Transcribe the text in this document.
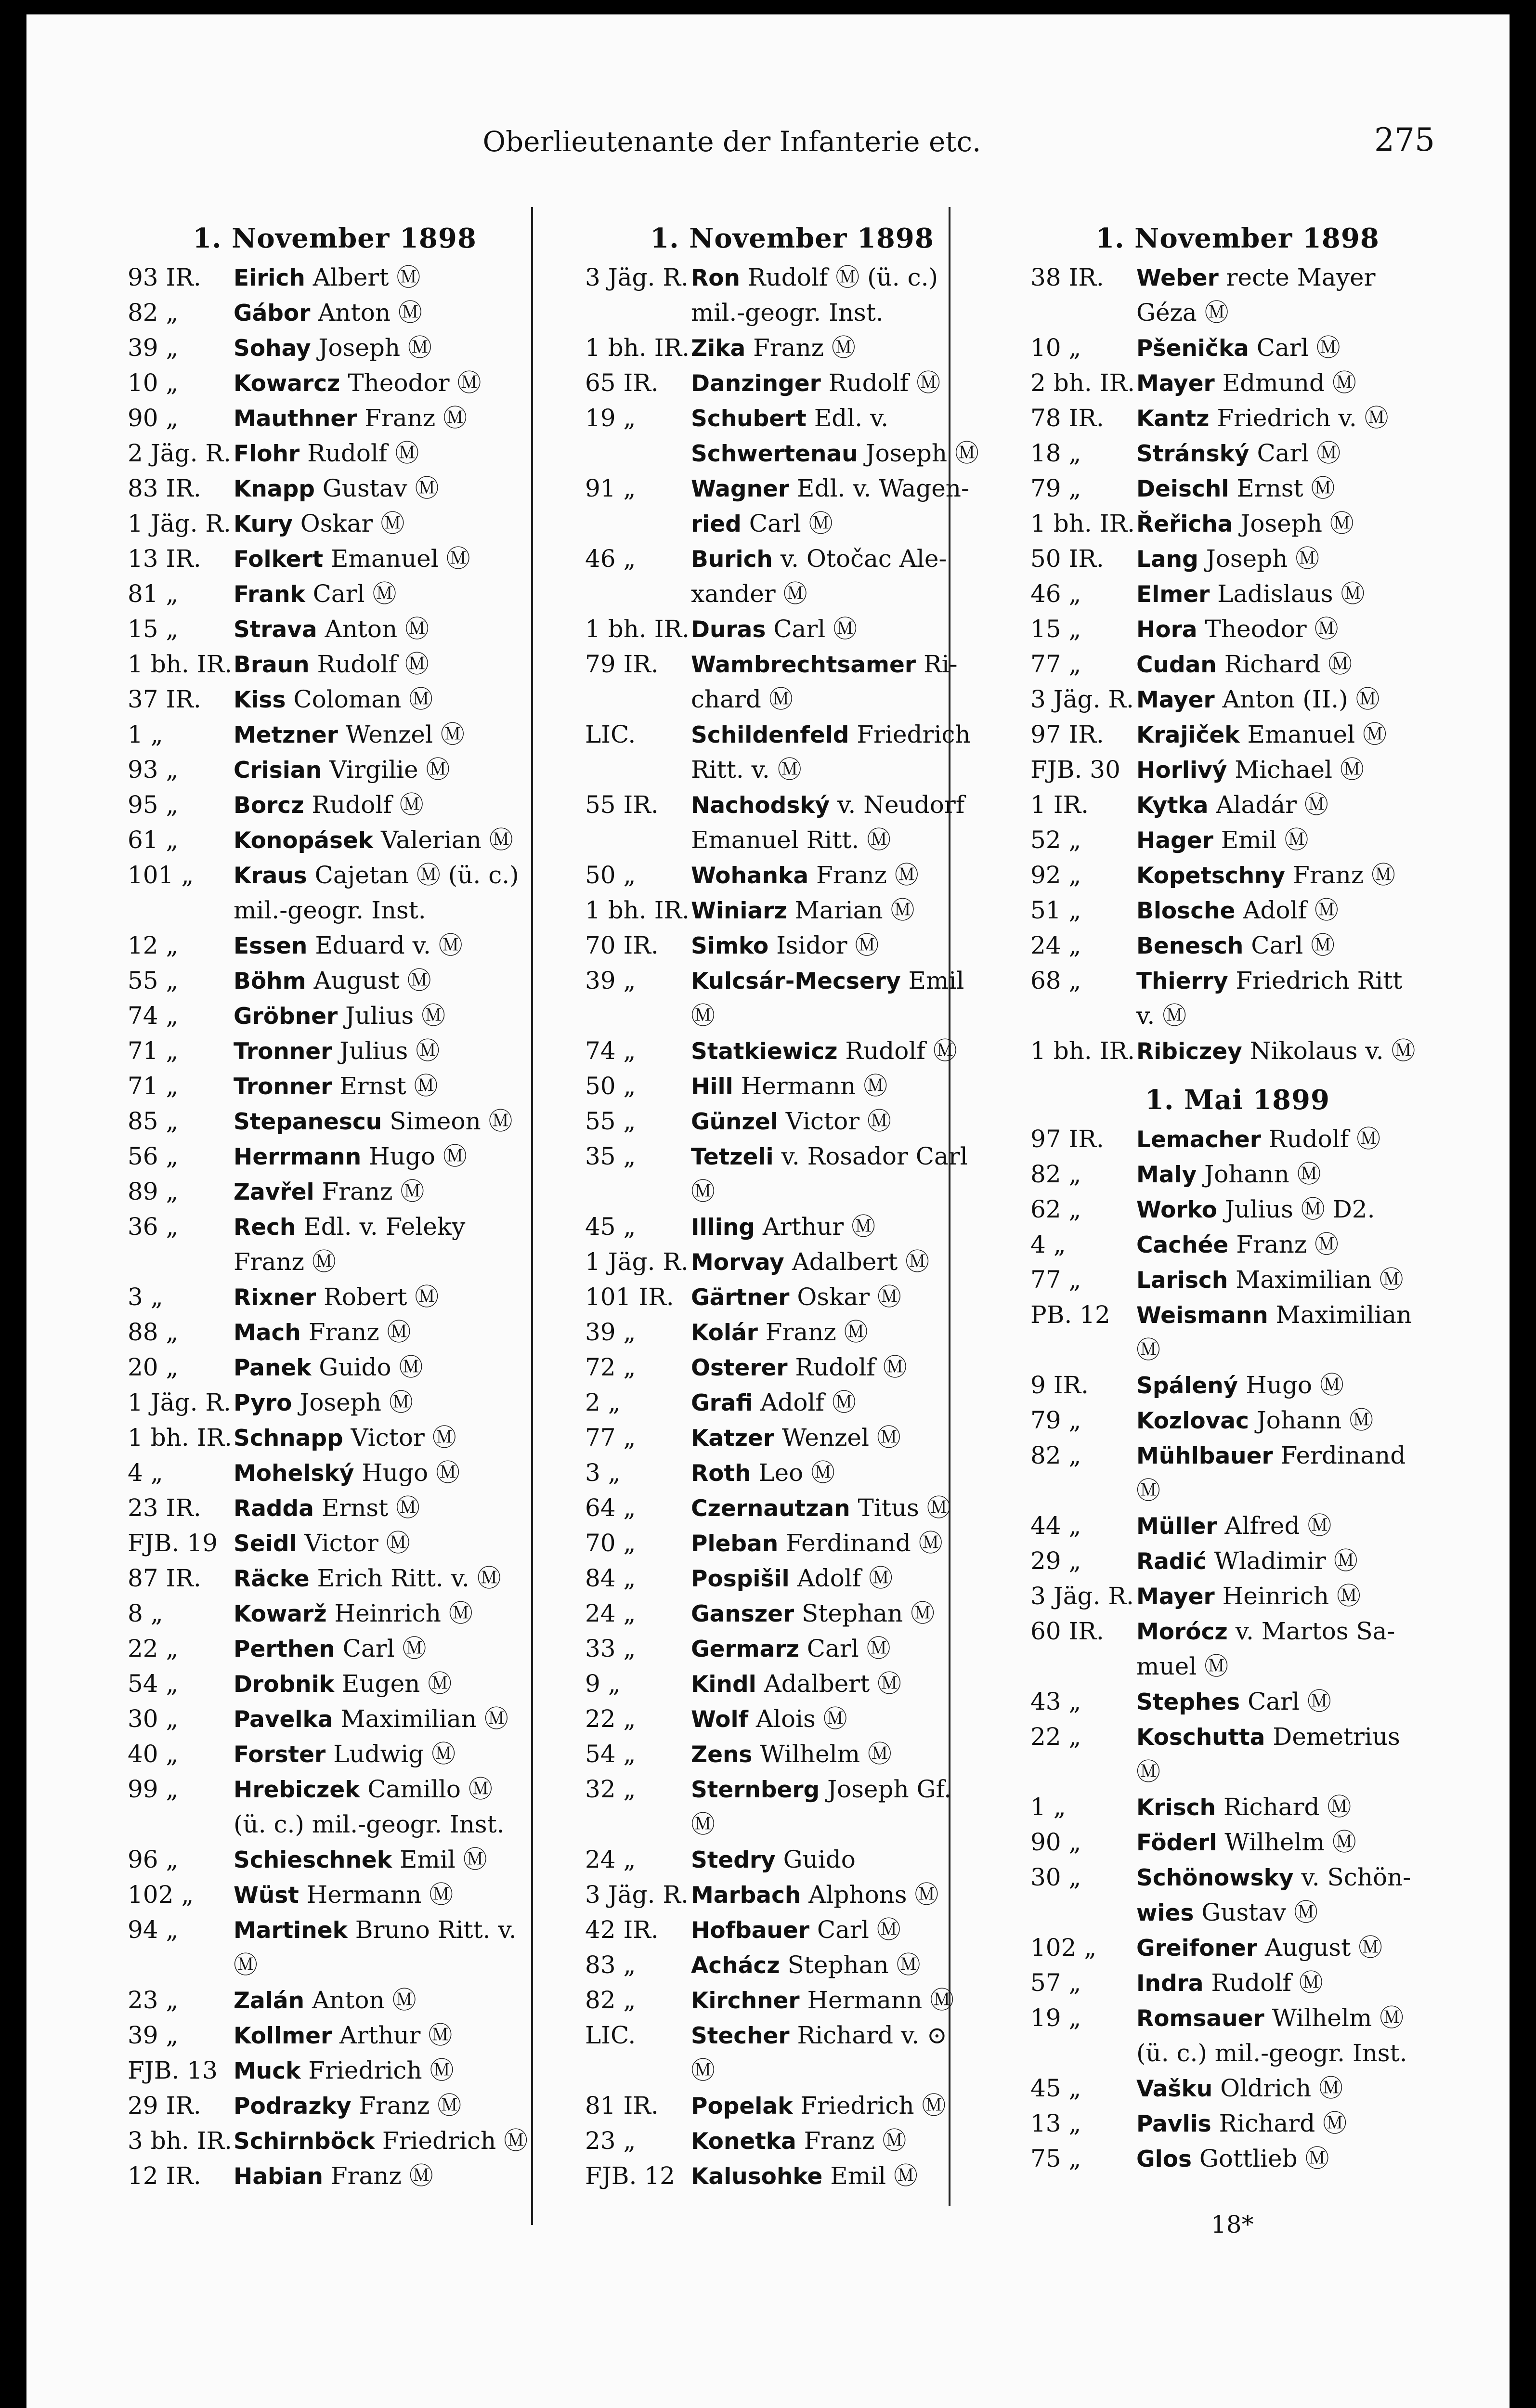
Oberlieutenante der Infanterie etc.	275
1. November 1898
93 IR.	Eirich Albert Ⓜ
82 „	Gábor Anton Ⓜ
39 „	Sohay Joseph Ⓜ
10 „	Kowarcz Theodor Ⓜ
90 „	Mauthner Franz Ⓜ
2 Jäg. R. Flohr Rudolf Ⓜ
83 IR.	Knapp Gustav Ⓜ
1 Jäg. R. Kury Oskar Ⓜ
13 IR.	Folkert Emanuel Ⓜ
81 „	Frank Carl Ⓜ
15 „	Strava Anton Ⓜ
1 bh. IR. Braun Rudolf Ⓜ
37 IR.	Kiss Coloman Ⓜ
1 „	Metzner Wenzel Ⓜ
93 „	Crisian Virgilie Ⓜ
95 „	Borcz Rudolf Ⓜ
61 „	Konopásek Valerian Ⓜ
101 „	Kraus Cajetan Ⓜ (ü. c.)
mil.-geogr. Inst.
12 „	Essen Eduard v. Ⓜ
55 „	Böhm August Ⓜ
74 „	Gröbner Julius Ⓜ
71 „	Tronner Julius Ⓜ
71 „	Tronner Ernst Ⓜ
85 „	Stepanescu Simeon Ⓜ
56 „	Herrmann Hugo Ⓜ
89 „	Zavřel Franz Ⓜ
36 „	Rech Edl. v. Feleky
Franz Ⓜ
3 „	Rixner Robert Ⓜ
88 „	Mach Franz Ⓜ
20 „	Panek Guido Ⓜ
1 Jäg. R. Pyro Joseph Ⓜ
1 bh. IR. Schnapp Victor Ⓜ
4 „	Mohelský Hugo Ⓜ
23 IR.	Radda Ernst Ⓜ
FJB. 19 Seidl Victor Ⓜ
87 IR.	Räcke Erich Ritt. v. Ⓜ
8 „	Kowarž Heinrich Ⓜ
22 „	Perthen Carl Ⓜ
54 „	Drobnik Eugen Ⓜ
30 „	Pavelka Maximilian Ⓜ
40 „	Forster Ludwig Ⓜ
99 „	Hrebiczek Camillo Ⓜ
(ü. c.) mil.-geogr. Inst.
96 „	Schieschnek Emil Ⓜ
102 „	Wüst Hermann Ⓜ
94 „	Martinek Bruno Ritt. v.
Ⓜ
23 „	Zalán Anton Ⓜ
39 „	Kollmer Arthur Ⓜ
FJB. 13 Muck Friedrich Ⓜ
29 IR.	Podrazky Franz Ⓜ
3 bh. IR. Schirnböck Friedrich Ⓜ
12 IR.	Habian Franz Ⓜ
1. November 1898
3 Jäg. R. Ron Rudolf Ⓜ (ü. c.)
mil.-geogr. Inst.
1 bh. IR. Zika Franz Ⓜ
65 IR.	Danzinger Rudolf Ⓜ
19 „	Schubert Edl. v.
Schwertenau Joseph Ⓜ
91 „	Wagner Edl. v. Wagen-
ried Carl Ⓜ
46 „	Burich v. Otočac Ale-
xander Ⓜ
1 bh. IR. Duras Carl Ⓜ
79 IR.	Wambrechtsamer Ri-
chard Ⓜ
LIC.	Schildenfeld Friedrich
Ritt. v. Ⓜ
55 IR.	Nachodský v. Neudorf
Emanuel Ritt. Ⓜ
50 „	Wohanka Franz Ⓜ
1 bh. IR. Winiarz Marian Ⓜ
70 IR.	Simko Isidor Ⓜ
39 „	Kulcsár-Mecsery Emil
Ⓜ
74 „	Statkiewicz Rudolf Ⓜ
50 „	Hill Hermann Ⓜ
55 „	Günzel Victor Ⓜ
35 „	Tetzeli v. Rosador Carl
Ⓜ
45 „	Illing Arthur Ⓜ
1 Jäg. R. Morvay Adalbert Ⓜ
101 IR. Gärtner Oskar Ⓜ
39 „	Kolár Franz Ⓜ
72 „	Osterer Rudolf Ⓜ
2 „	Grafi Adolf Ⓜ
77 „	Katzer Wenzel Ⓜ
3 „	Roth Leo Ⓜ
64 „	Czernautzan Titus Ⓜ
70 „	Pleban Ferdinand Ⓜ
84 „	Pospišil Adolf Ⓜ
24 „	Ganszer Stephan Ⓜ
33 „	Germarz Carl Ⓜ
9 „	Kindl Adalbert Ⓜ
22 „	Wolf Alois Ⓜ
54 „	Zens Wilhelm Ⓜ
32 „	Sternberg Joseph Gf.
Ⓜ
24 „	Stedry Guido
3 Jäg. R. Marbach Alphons Ⓜ
42 IR.	Hofbauer Carl Ⓜ
83 „	Achácz Stephan Ⓜ
82 „	Kirchner Hermann Ⓜ
LIC.	Stecher Richard v. ⊙
Ⓜ
81 IR.	Popelak Friedrich Ⓜ
23 „	Konetka Franz Ⓜ
FJB. 12 Kalusohke Emil Ⓜ
1. November 1898
38 IR.	Weber recte Mayer
Géza Ⓜ
10 „	Pšenička Carl Ⓜ
2 bh. IR. Mayer Edmund Ⓜ
78 IR.	Kantz Friedrich v. Ⓜ
18 „	Stránský Carl Ⓜ
79 „	Deischl Ernst Ⓜ
1 bh. IR. Řeřicha Joseph Ⓜ
50 IR.	Lang Joseph Ⓜ
46 „	Elmer Ladislaus Ⓜ
15 „	Hora Theodor Ⓜ
77 „	Cudan Richard Ⓜ
3 Jäg. R. Mayer Anton (II.) Ⓜ
97 IR.	Krajiček Emanuel Ⓜ
FJB. 30 Horlivý Michael Ⓜ
1 IR.	Kytka Aladár Ⓜ
52 „	Hager Emil Ⓜ
92 „	Kopetschny Franz Ⓜ
51 „	Blosche Adolf Ⓜ
24 „	Benesch Carl Ⓜ
68 „	Thierry Friedrich Ritt
v. Ⓜ
1 bh. IR. Ribiczey Nikolaus v. Ⓜ
1. Mai 1899
97 IR.	Lemacher Rudolf Ⓜ
82 „	Maly Johann Ⓜ
62 „	Worko Julius Ⓜ D2.
4 „	Cachée Franz Ⓜ
77 „	Larisch Maximilian Ⓜ
PB. 12	Weismann Maximilian
Ⓜ
9 IR.	Spálený Hugo Ⓜ
79 „	Kozlovac Johann Ⓜ
82 „	Mühlbauer Ferdinand
Ⓜ
44 „	Müller Alfred Ⓜ
29 „	Radić Wladimir Ⓜ
3 Jäg. R. Mayer Heinrich Ⓜ
60 IR.	Morócz v. Martos Sa-
muel Ⓜ
43 „	Stephes Carl Ⓜ
22 „	Koschutta Demetrius
Ⓜ
1 „	Krisch Richard Ⓜ
90 „	Föderl Wilhelm Ⓜ
30 „	Schönowsky v. Schön-
wies Gustav Ⓜ
102 „	Greifoner August Ⓜ
57 „	Indra Rudolf Ⓜ
19 „	Romsauer Wilhelm Ⓜ
(ü. c.) mil.-geogr. Inst.
45 „	Vašku Oldrich Ⓜ
13 „	Pavlis Richard Ⓜ
75 „	Glos Gottlieb Ⓜ
18*
